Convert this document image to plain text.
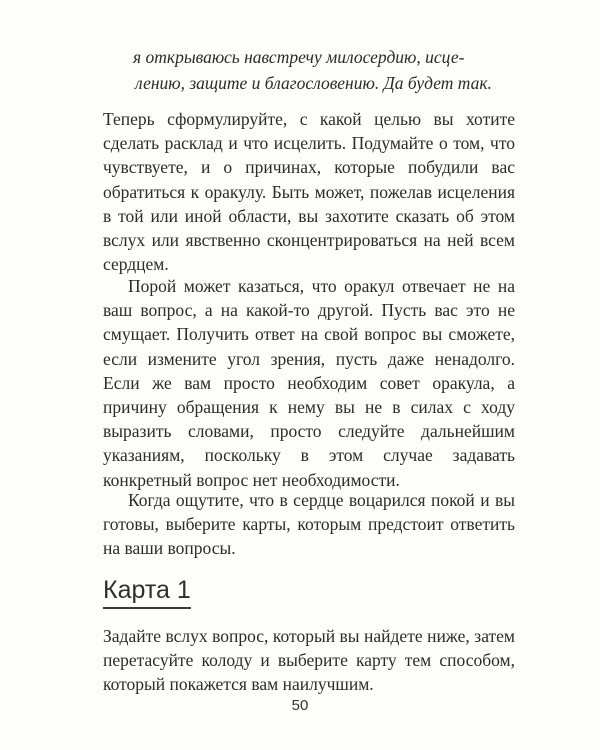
я открываюсь навстречу милосердию, исце-
лению, защите и благословению. Да будет так.

Теперь сформулируйте, с какой целью вы хотите сделать расклад и что исцелить. Подумайте о том, что чувствуете, и о причинах, которые побудили вас обратиться к оракулу. Быть может, пожелав исцеления в той или иной области, вы захотите сказать об этом вслух или явственно сконцентрироваться на ней всем сердцем.

Порой может казаться, что оракул отвечает не на ваш вопрос, а на какой-то другой. Пусть вас это не смущает. Получить ответ на свой вопрос вы сможете, если измените угол зрения, пусть даже ненадолго. Если же вам просто необходим совет оракула, а причину обращения к нему вы не в силах с ходу выразить словами, просто следуйте дальнейшим указаниям, поскольку в этом случае задавать конкретный вопрос нет необходимости.

Когда ощутите, что в сердце воцарился покой и вы готовы, выберите карты, которым предстоит ответить на ваши вопросы.

Карта 1

Задайте вслух вопрос, который вы найдете ниже, затем перетасуйте колоду и выберите карту тем способом, который покажется вам наилучшим.

50
